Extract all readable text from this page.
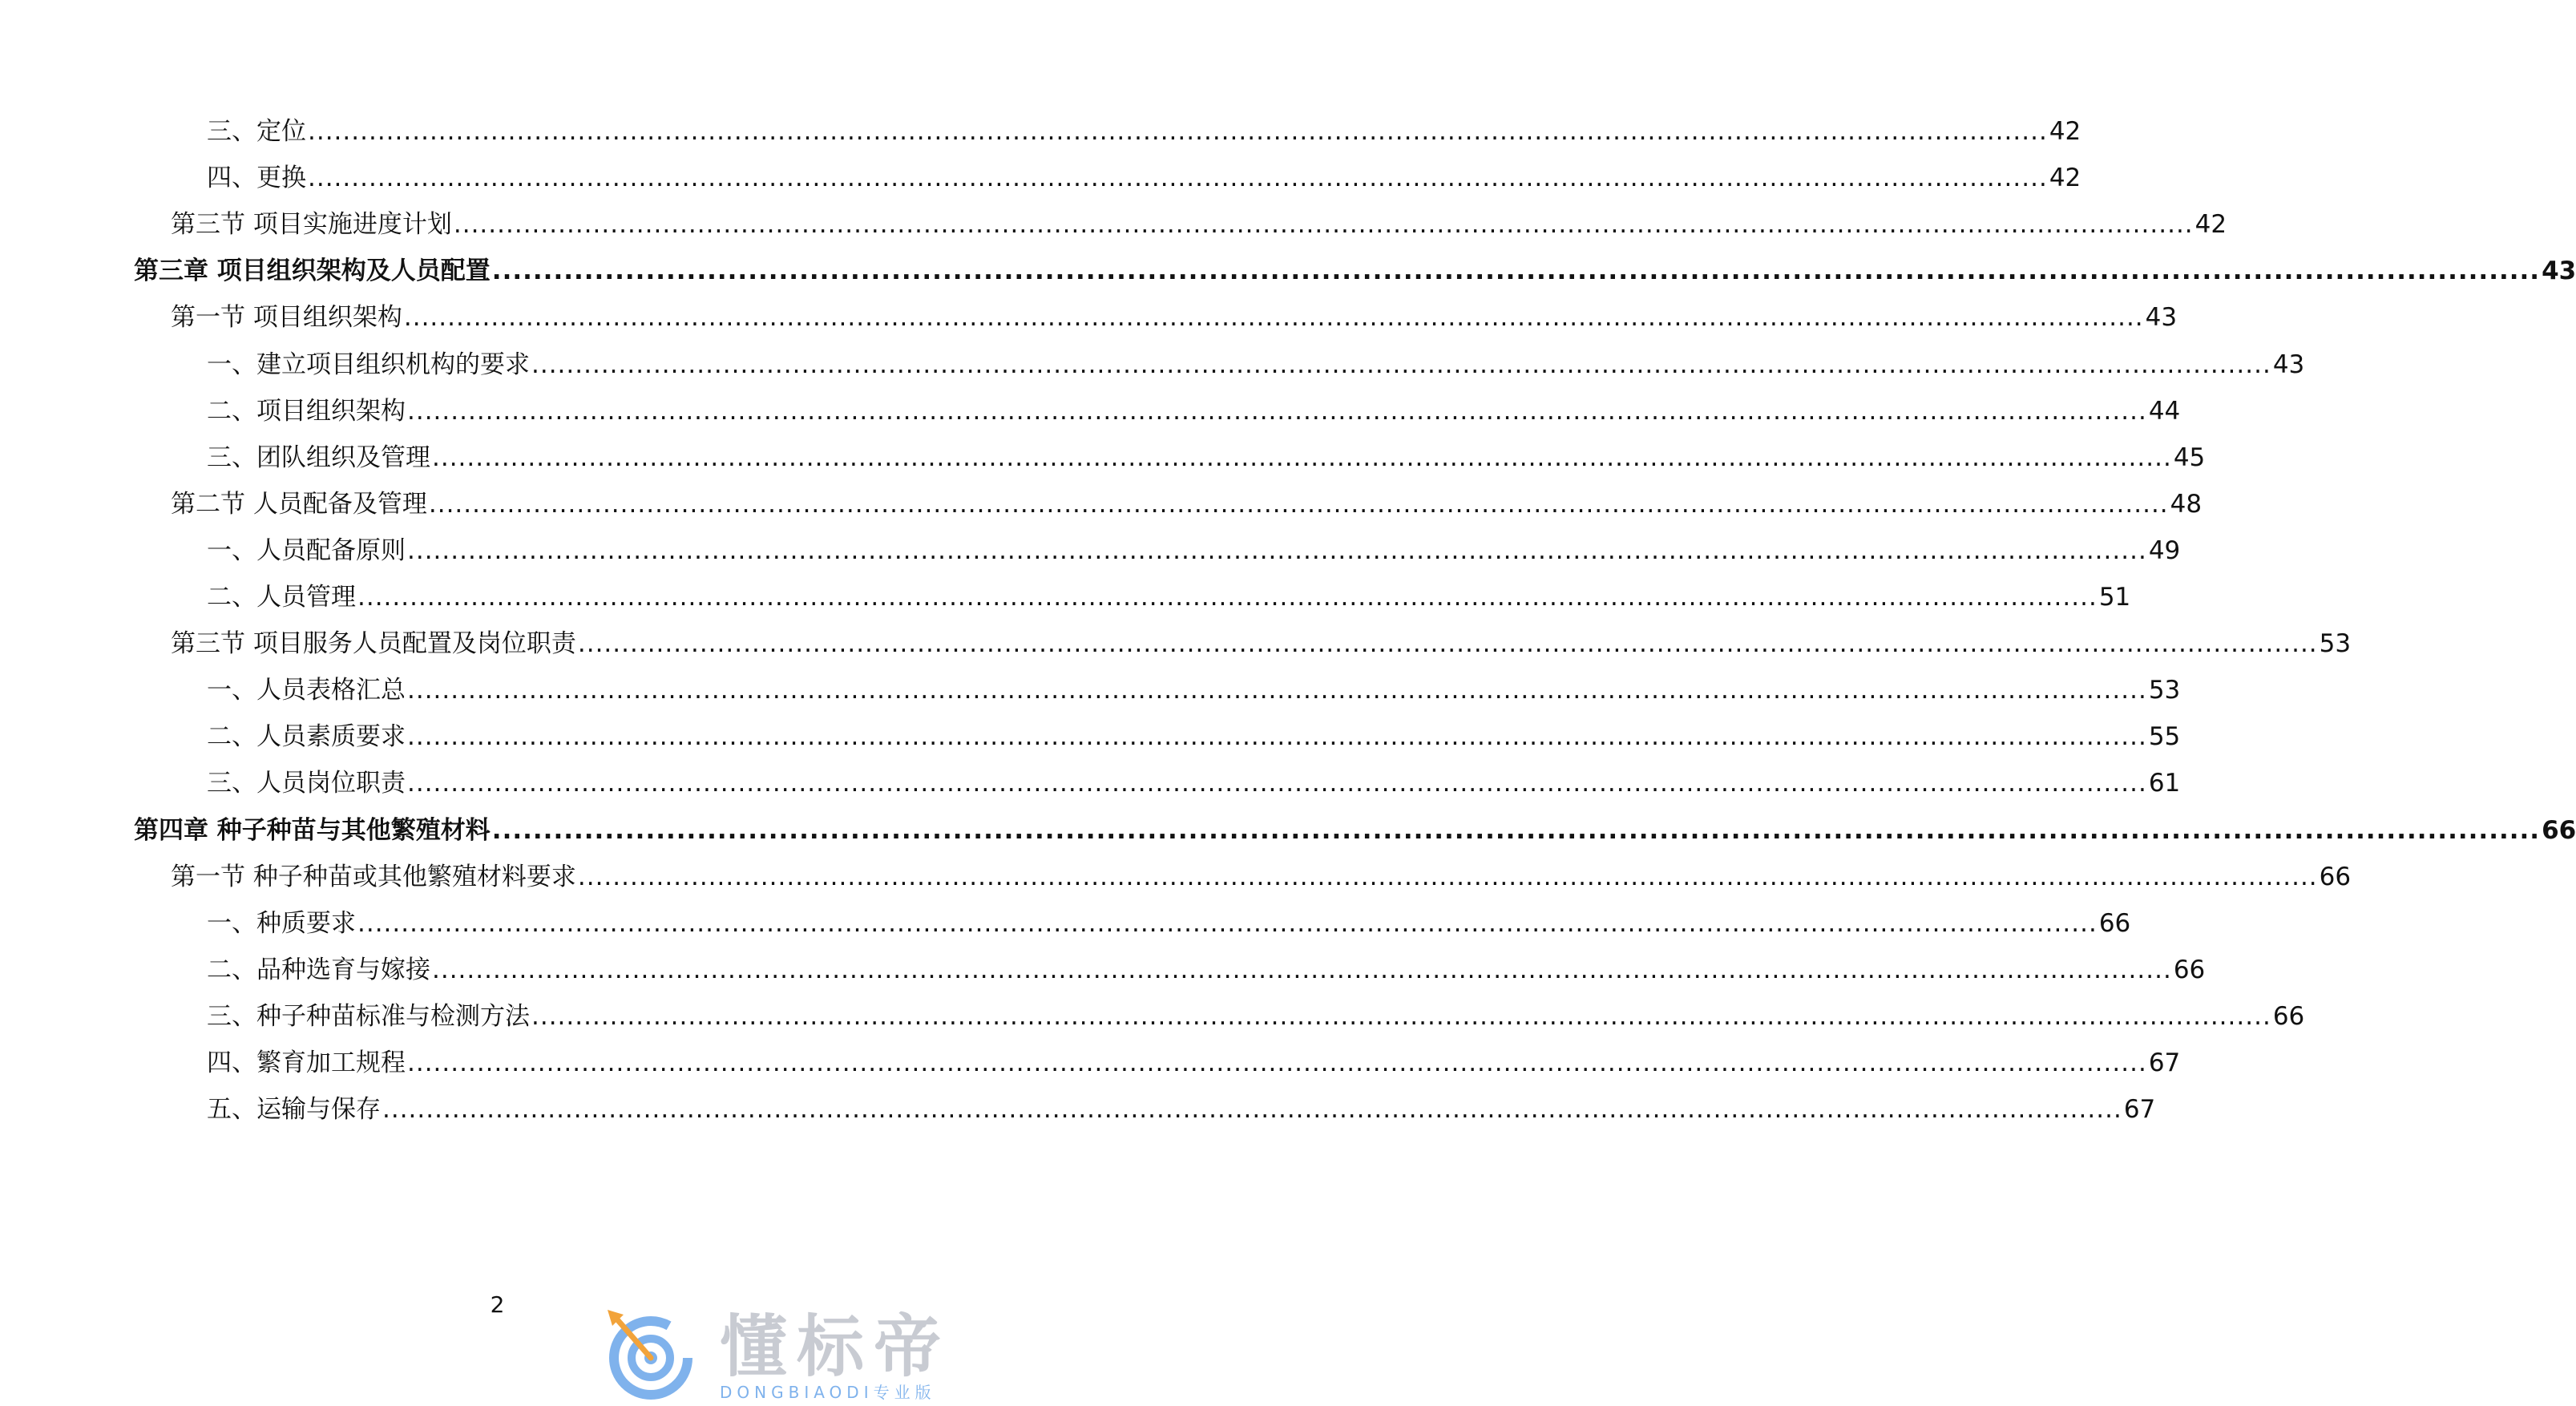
三、定位 ........................................................................................................................................................................................................ 42
四、更换 ........................................................................................................................................................................................................ 42
第三节 项目实施进度计划 ........................................................................................................................................................................................................ 42
第三章 项目组织架构及人员配置 ........................................................................................................................................................................................................ 43
第一节 项目组织架构 ........................................................................................................................................................................................................ 43
一、建立项目组织机构的要求 ........................................................................................................................................................................................................ 43
二、项目组织架构 ........................................................................................................................................................................................................ 44
三、团队组织及管理 ........................................................................................................................................................................................................ 45
第二节 人员配备及管理 ........................................................................................................................................................................................................ 48
一、人员配备原则 ........................................................................................................................................................................................................ 49
二、人员管理 ........................................................................................................................................................................................................ 51
第三节 项目服务人员配置及岗位职责 ........................................................................................................................................................................................................ 53
一、人员表格汇总 ........................................................................................................................................................................................................ 53
二、人员素质要求 ........................................................................................................................................................................................................ 55
三、人员岗位职责 ........................................................................................................................................................................................................ 61
第四章 种子种苗与其他繁殖材料 ........................................................................................................................................................................................................ 66
第一节 种子种苗或其他繁殖材料要求 ........................................................................................................................................................................................................ 66
一、种质要求 ........................................................................................................................................................................................................ 66
二、品种选育与嫁接 ........................................................................................................................................................................................................ 66
三、种子种苗标准与检测方法 ........................................................................................................................................................................................................ 66
四、繁育加工规程 ........................................................................................................................................................................................................ 67
五、运输与保存 ........................................................................................................................................................................................................ 67
2
懂标帝
DONGBIAODI专业版
